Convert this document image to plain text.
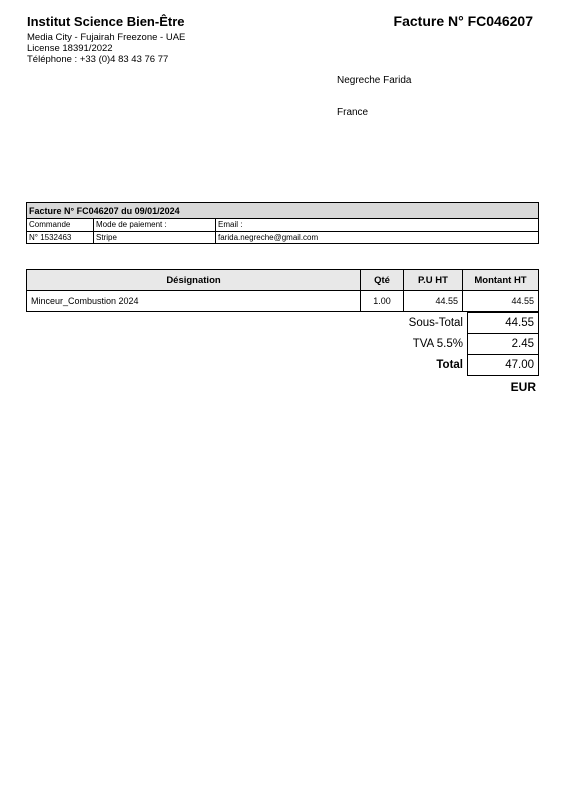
Institut Science Bien-Être
Media City - Fujairah Freezone - UAE
License 18391/2022
Téléphone : +33 (0)4 83 43 76 77
Facture N° FC046207
Negreche Farida
France
Facture N° FC046207 du 09/01/2024		
Commande	Mode de paiement :	Email :
N° 1532463	Stripe	farida.negreche@gmail.com
Désignation	Qté	P.U HT	Montant HT
Minceur_Combustion 2024	1.00	44.55	44.55
Sous-Total	44.55
TVA 5.5%	2.45
Total	47.00
EUR
